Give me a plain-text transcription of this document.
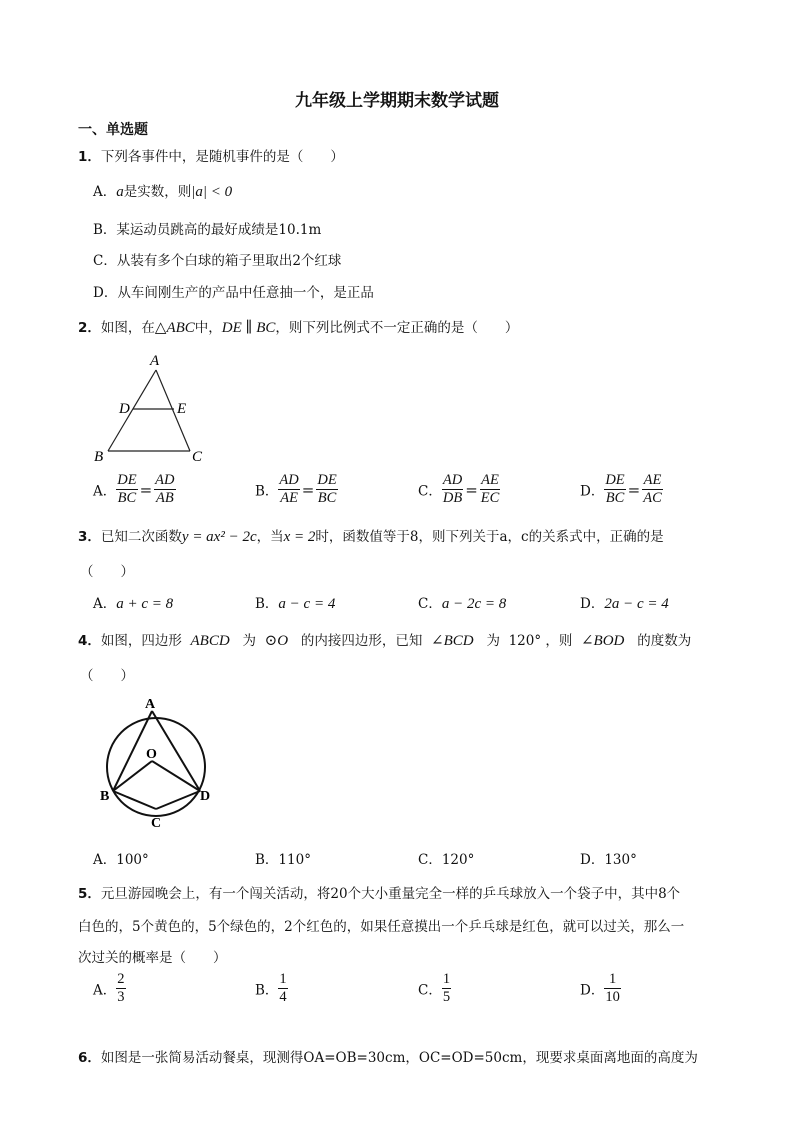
九年级上学期期末数学试题
一、单选题
1．下列各事件中，是随机事件的是（　　）
A．a是实数，则|a| < 0
B．某运动员跳高的最好成绩是10.1m
C．从装有多个白球的箱子里取出2个红球
D．从车间刚生产的产品中任意抽一个，是正品
2．如图，在△ABC中，DE ∥ BC，则下列比例式不一定正确的是（　　）
A
D	E
B	C
A． $\frac{DE}{BC} = \frac{AD}{AB}$	B． $\frac{AD}{AE} = \frac{DE}{BC}$	C． $\frac{AD}{DB} = \frac{AE}{EC}$	D． $\frac{DE}{BC} = \frac{AE}{AC}$
3．已知二次函数y = ax² − 2c，当x = 2时，函数值等于8，则下列关于a，c的关系式中，正确的是
（　　）
A．a + c = 8	B．a − c = 4	C．a − 2c = 8	D．2a − c = 4
4．如图，四边形 ABCD 为 ⊙O 的内接四边形，已知 ∠BCD 为 120° ，则 ∠BOD 的度数为
（　　）
A
O
B	D
C
A．100°	B．110°	C．120°	D．130°
5．元旦游园晚会上，有一个闯关活动，将20个大小重量完全一样的乒乓球放入一个袋子中，其中8个
白色的，5个黄色的，5个绿色的，2个红色的，如果任意摸出一个乒乓球是红色，就可以过关，那么一
次过关的概率是（　　）
A． $\frac{2}{3}$	B． $\frac{1}{4}$	C． $\frac{1}{5}$	D． $\frac{1}{10}$
6．如图是一张简易活动餐桌，现测得OA=OB=30cm，OC=OD=50cm，现要求桌面离地面的高度为
